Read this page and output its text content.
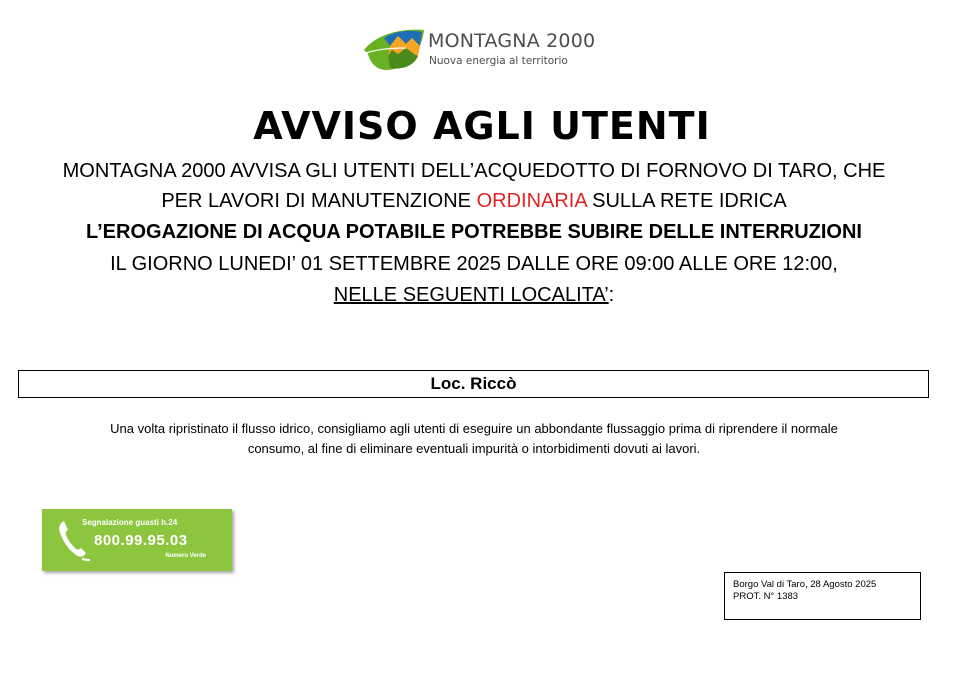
MONTAGNA 2000
Nuova energia al territorio
AVVISO AGLI UTENTI
MONTAGNA 2000 AVVISA GLI UTENTI DELL’ACQUEDOTTO DI FORNOVO DI TARO, CHE
PER LAVORI DI MANUTENZIONE ORDINARIA SULLA RETE IDRICA
L’EROGAZIONE DI ACQUA POTABILE POTREBBE SUBIRE DELLE INTERRUZIONI
IL GIORNO LUNEDI’ 01 SETTEMBRE 2025 DALLE ORE 09:00 ALLE ORE 12:00,
NELLE SEGUENTI LOCALITA’:
Loc. Riccò
Una volta ripristinato il flusso idrico, consigliamo agli utenti di eseguire un abbondante flussaggio prima di riprendere il normale
consumo, al fine di eliminare eventuali impurità o intorbidimenti dovuti ai lavori.
Segnalazione guasti h.24
800.99.95.03
Numero Verde
Borgo Val di Taro, 28 Agosto 2025
PROT. N° 1383
